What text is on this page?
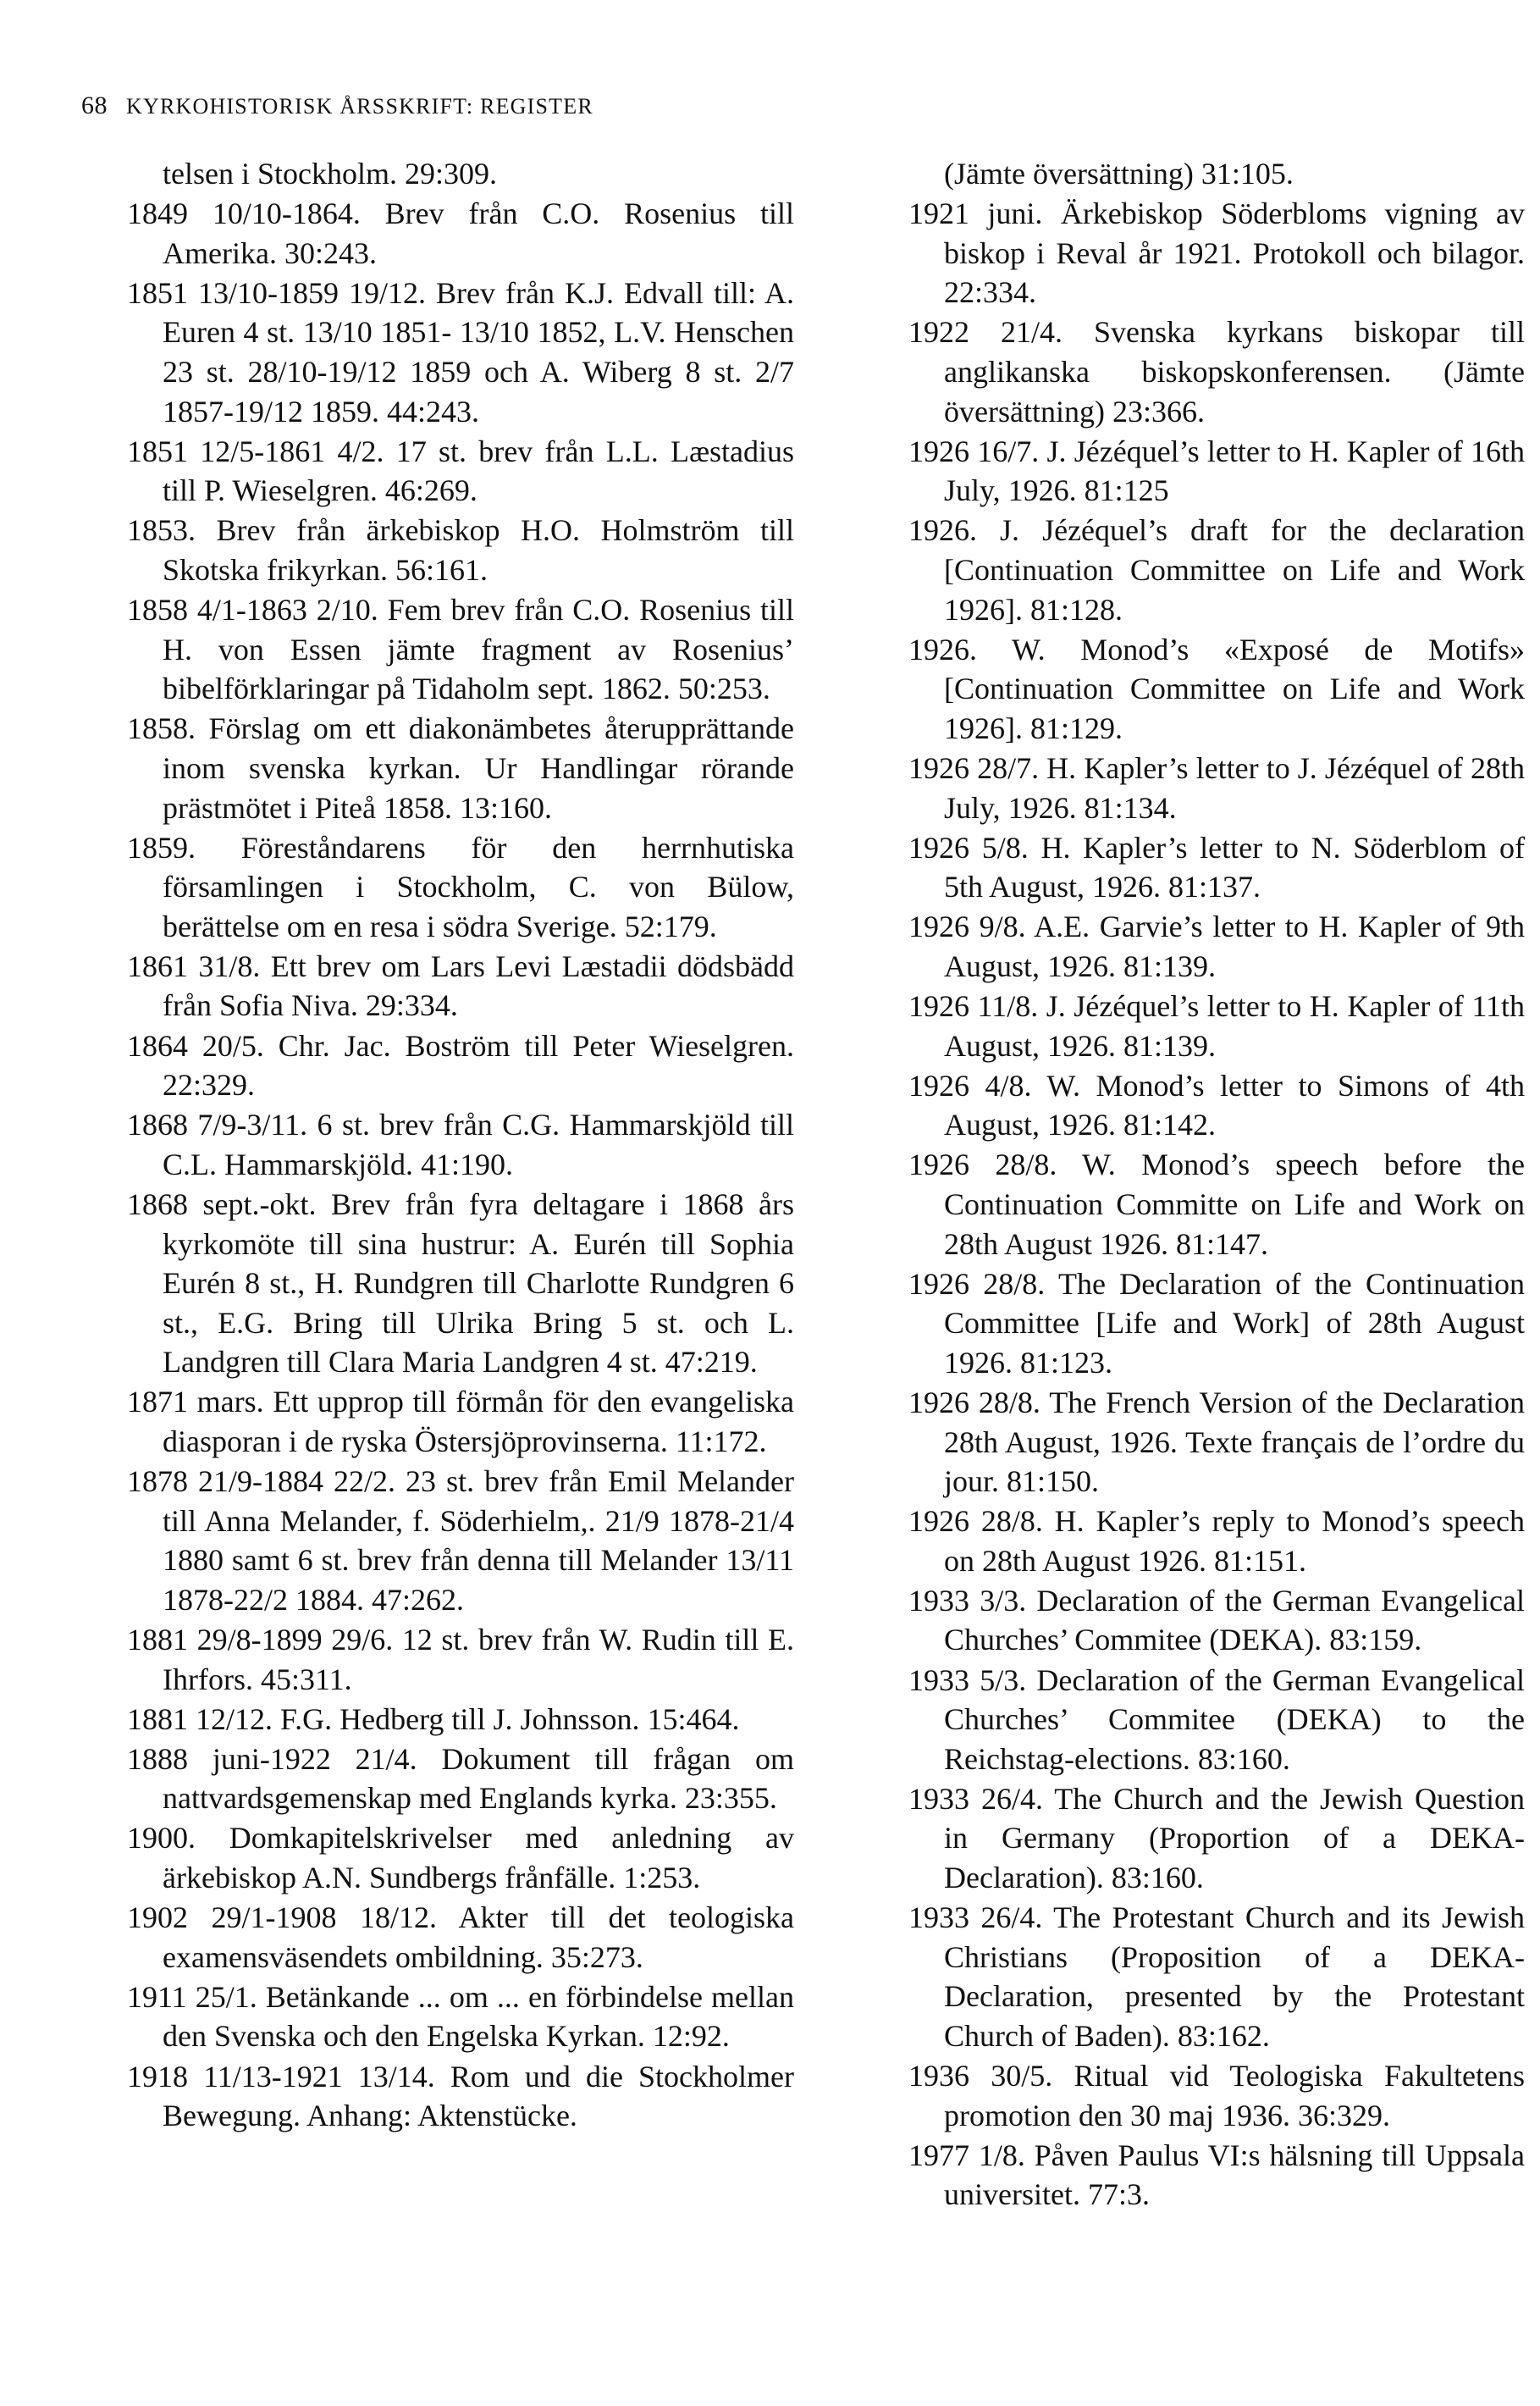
68 KYRKOHISTORISK ÅRSSKRIFT: REGISTER

telsen i Stockholm. 29:309.

1849 10/10-1864. Brev från C.O. Rosenius till Amerika. 30:243.

1851 13/10-1859 19/12. Brev från K.J. Edvall till: A. Euren 4 st. 13/10 1851- 13/10 1852, L.V. Henschen 23 st. 28/10-19/12 1859 och A. Wiberg 8 st. 2/7 1857-19/12 1859. 44:243.

1851 12/5-1861 4/2. 17 st. brev från L.L. Læstadius till P. Wieselgren. 46:269.

1853. Brev från ärkebiskop H.O. Holmström till Skotska frikyrkan. 56:161.

1858 4/1-1863 2/10. Fem brev från C.O. Rosenius till H. von Essen jämte fragment av Rosenius’ bibelförklaringar på Tidaholm sept. 1862. 50:253.

1858. Förslag om ett diakonämbetes återupprättande inom svenska kyrkan. Ur Handlingar rörande prästmötet i Piteå 1858. 13:160.

1859. Föreståndarens för den herrnhutiska församlingen i Stockholm, C. von Bülow, berättelse om en resa i södra Sverige. 52:179.

1861 31/8. Ett brev om Lars Levi Læstadii dödsbädd från Sofia Niva. 29:334.

1864 20/5. Chr. Jac. Boström till Peter Wieselgren. 22:329.

1868 7/9-3/11. 6 st. brev från C.G. Hammarskjöld till C.L. Hammarskjöld. 41:190.

1868 sept.-okt. Brev från fyra deltagare i 1868 års kyrkomöte till sina hustrur: A. Eurén till Sophia Eurén 8 st., H. Rundgren till Charlotte Rundgren 6 st., E.G. Bring till Ulrika Bring 5 st. och L. Landgren till Clara Maria Landgren 4 st. 47:219.

1871 mars. Ett upprop till förmån för den evangeliska diasporan i de ryska Östersjöprovinserna. 11:172.

1878 21/9-1884 22/2. 23 st. brev från Emil Melander till Anna Melander, f. Söderhielm,. 21/9 1878-21/4 1880 samt 6 st. brev från denna till Melander 13/11 1878-22/2 1884. 47:262.

1881 29/8-1899 29/6. 12 st. brev från W. Rudin till E. Ihrfors. 45:311.

1881 12/12. F.G. Hedberg till J. Johnsson. 15:464.

1888 juni-1922 21/4. Dokument till frågan om nattvardsgemenskap med Englands kyrka. 23:355.

1900. Domkapitelskrivelser med anledning av ärkebiskop A.N. Sundbergs frånfälle. 1:253.

1902 29/1-1908 18/12. Akter till det teologiska examensväsendets ombildning. 35:273.

1911 25/1. Betänkande ... om ... en förbindelse mellan den Svenska och den Engelska Kyrkan. 12:92.

1918 11/13-1921 13/14. Rom und die Stockholmer Bewegung. Anhang: Aktenstücke.

(Jämte översättning) 31:105.

1921 juni. Ärkebiskop Söderbloms vigning av biskop i Reval år 1921. Protokoll och bilagor. 22:334.

1922 21/4. Svenska kyrkans biskopar till anglikanska biskopskonferensen. (Jämte översättning) 23:366.

1926 16/7. J. Jézéquel’s letter to H. Kapler of 16th July, 1926. 81:125

1926. J. Jézéquel’s draft for the declaration [Continuation Committee on Life and Work 1926]. 81:128.

1926. W. Monod’s «Exposé de Motifs» [Continuation Committee on Life and Work 1926]. 81:129.

1926 28/7. H. Kapler’s letter to J. Jézéquel of 28th July, 1926. 81:134.

1926 5/8. H. Kapler’s letter to N. Söderblom of 5th August, 1926. 81:137.

1926 9/8. A.E. Garvie’s letter to H. Kapler of 9th August, 1926. 81:139.

1926 11/8. J. Jézéquel’s letter to H. Kapler of 11th August, 1926. 81:139.

1926 4/8. W. Monod’s letter to Simons of 4th August, 1926. 81:142.

1926 28/8. W. Monod’s speech before the Continuation Committe on Life and Work on 28th August 1926. 81:147.

1926 28/8. The Declaration of the Continuation Committee [Life and Work] of 28th August 1926. 81:123.

1926 28/8. The French Version of the Declaration 28th August, 1926. Texte français de l’ordre du jour. 81:150.

1926 28/8. H. Kapler’s reply to Monod’s speech on 28th August 1926. 81:151.

1933 3/3. Declaration of the German Evangelical Churches’ Commitee (DEKA). 83:159.

1933 5/3. Declaration of the German Evangelical Churches’ Commitee (DEKA) to the Reichstag-elections. 83:160.

1933 26/4. The Church and the Jewish Question in Germany (Proportion of a DEKA-Declaration). 83:160.

1933 26/4. The Protestant Church and its Jewish Christians (Proposition of a DEKA-Declaration, presented by the Protestant Church of Baden). 83:162.

1936 30/5. Ritual vid Teologiska Fakultetens promotion den 30 maj 1936. 36:329.

1977 1/8. Påven Paulus VI:s hälsning till Uppsala universitet. 77:3.
